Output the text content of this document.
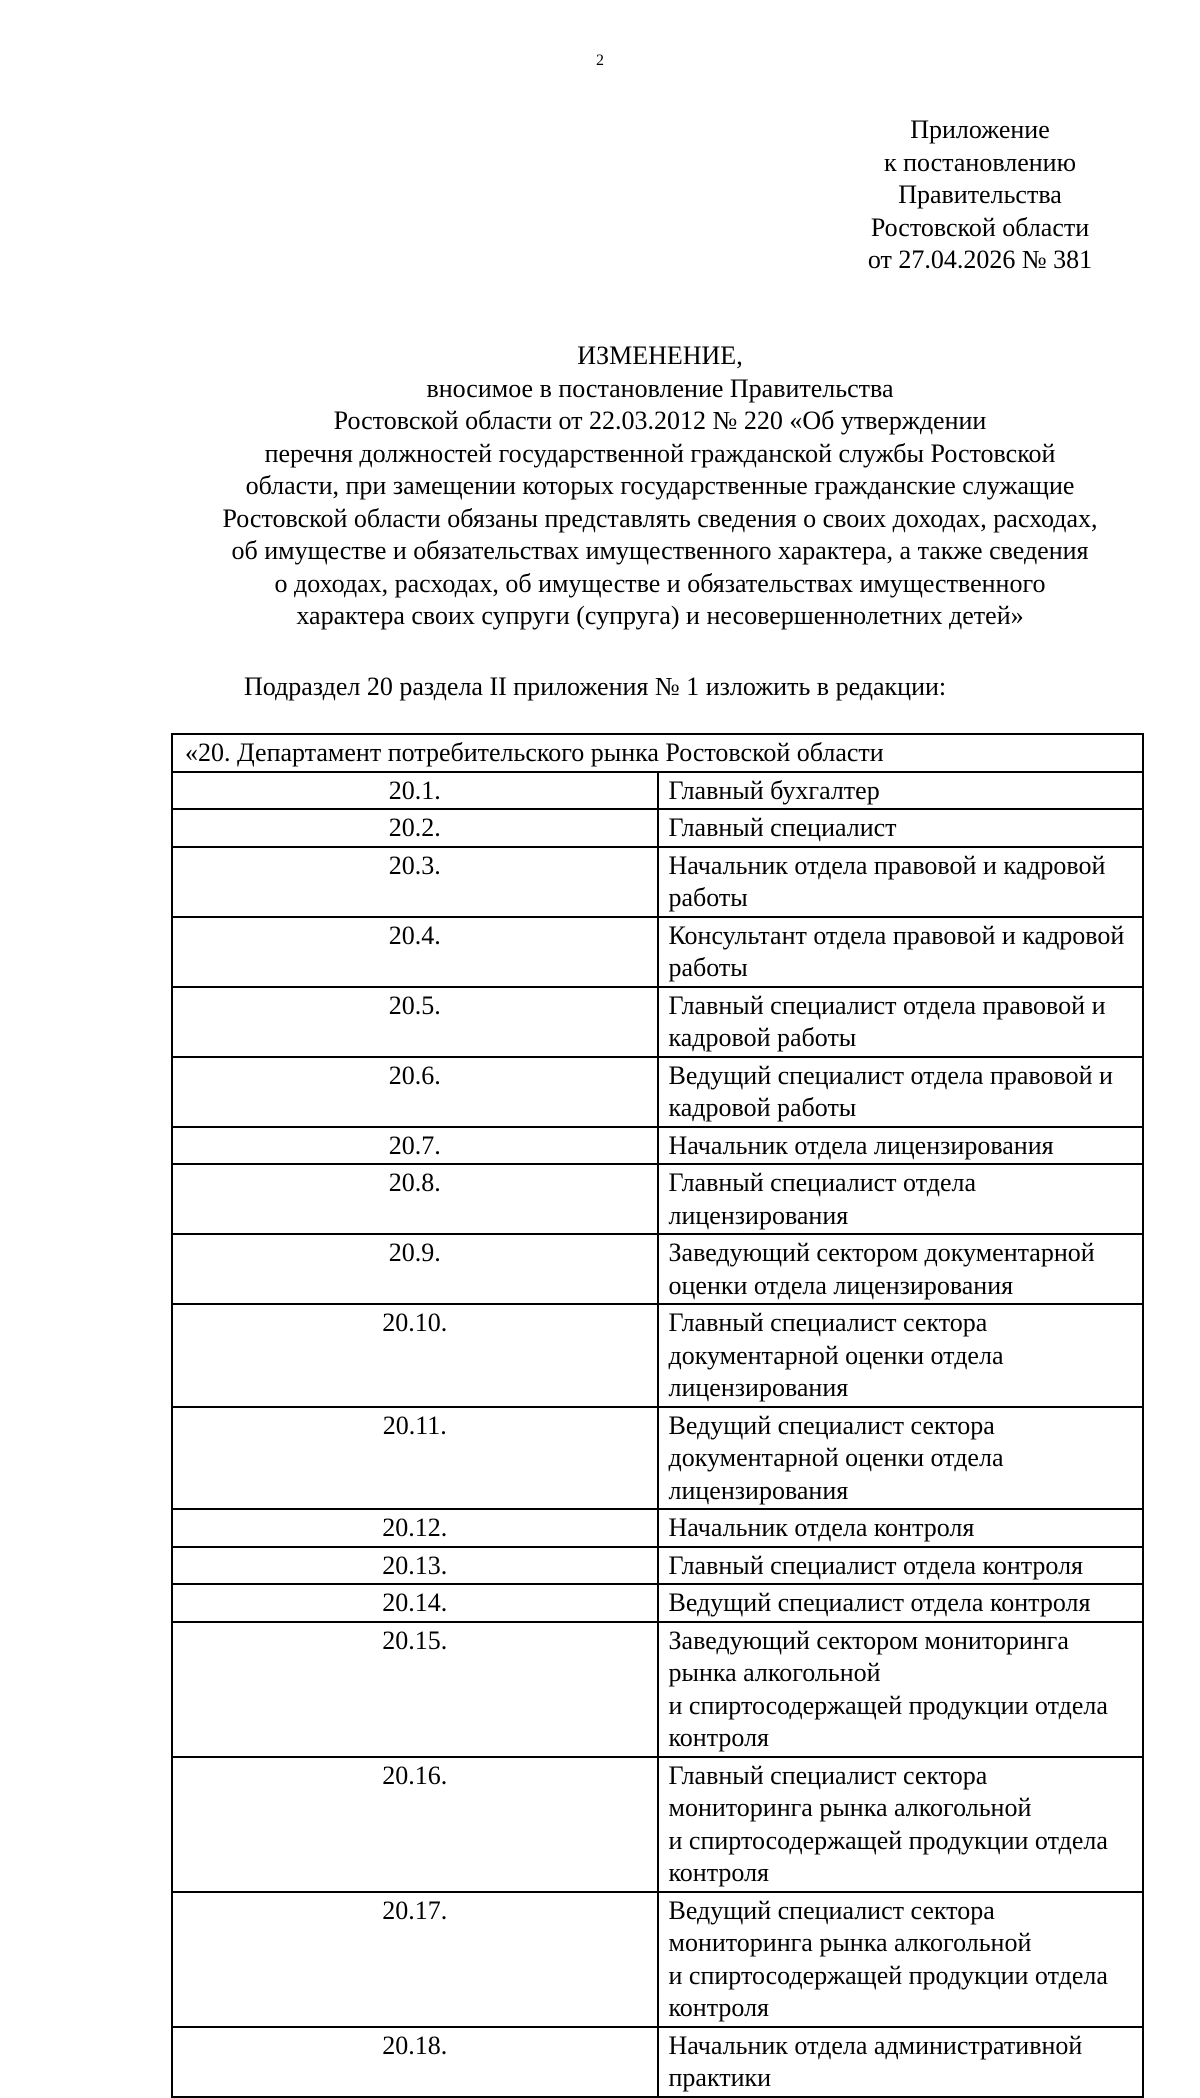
2
Приложение
к постановлению
Правительства
Ростовской области
от 27.04.2026 № 381
ИЗМЕНЕНИЕ,
вносимое в постановление Правительства
Ростовской области от 22.03.2012 № 220 «Об утверждении
перечня должностей государственной гражданской службы Ростовской
области, при замещении которых государственные гражданские служащие
Ростовской области обязаны представлять сведения о своих доходах, расходах,
об имуществе и обязательствах имущественного характера, а также сведения
о доходах, расходах, об имуществе и обязательствах имущественного
характера своих супруги (супруга) и несовершеннолетних детей»
Подраздел 20 раздела II приложения № 1 изложить в редакции:
«20. Департамент потребительского рынка Ростовской области	
20.1.	Главный бухгалтер
20.2.	Главный специалист
20.3.	Начальник отдела правовой и кадровой работы
20.4.	Консультант отдела правовой и кадровой работы
20.5.	Главный специалист отдела правовой и кадровой работы
20.6.	Ведущий специалист отдела правовой и кадровой работы
20.7.	Начальник отдела лицензирования
20.8.	Главный специалист отдела лицензирования
20.9.	Заведующий сектором документарной оценки отдела лицензирования
20.10.	Главный специалист сектора документарной оценки отдела
лицензирования
20.11.	Ведущий специалист сектора документарной оценки отдела
лицензирования
20.12.	Начальник отдела контроля
20.13.	Главный специалист отдела контроля
20.14.	Ведущий специалист отдела контроля
20.15.	Заведующий сектором мониторинга рынка алкогольной
и спиртосодержащей продукции отдела контроля
20.16.	Главный специалист сектора мониторинга рынка алкогольной
и спиртосодержащей продукции отдела контроля
20.17.	Ведущий специалист сектора мониторинга рынка алкогольной
и спиртосодержащей продукции отдела контроля
20.18.	Начальник отдела административной практики
